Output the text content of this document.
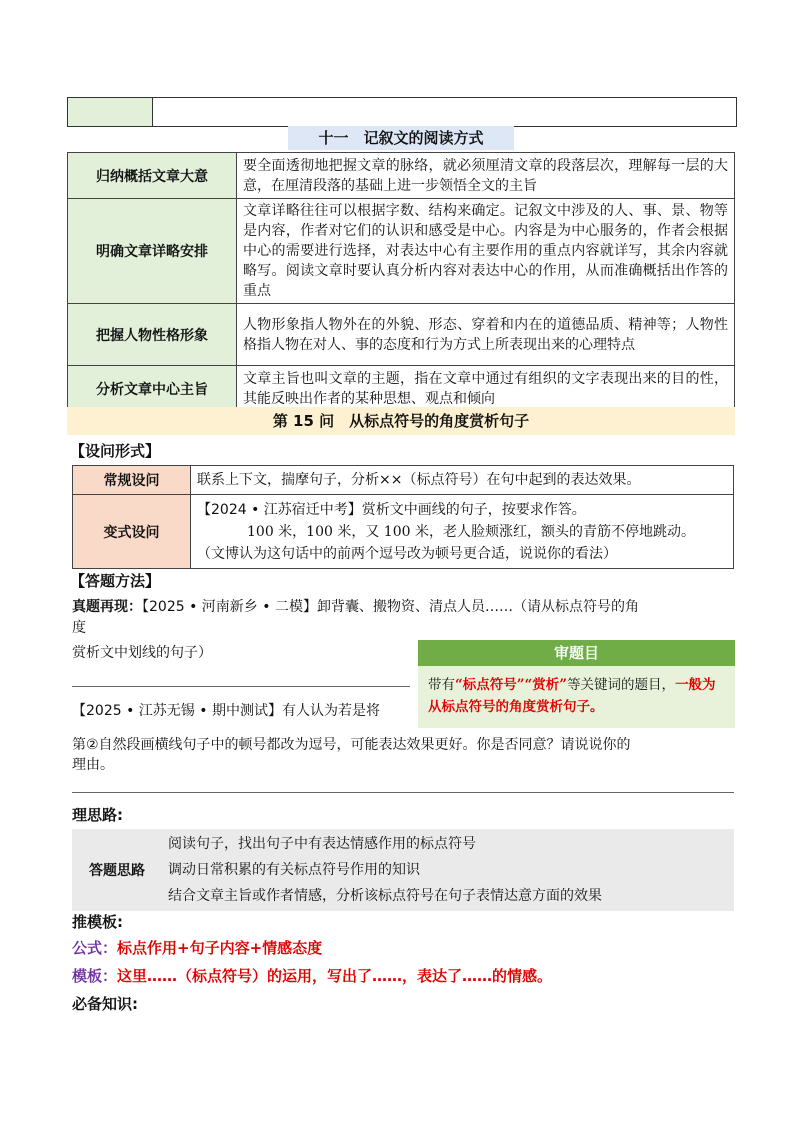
十一　记叙文的阅读方式
归纳概括文章大意	要全面透彻地把握文章的脉络，就必须厘清文章的段落层次，理解每一层的大意，在厘清段落的基础上进一步领悟全文的主旨
明确文章详略安排	文章详略往往可以根据字数、结构来确定。记叙文中涉及的人、事、景、物等是内容，作者对它们的认识和感受是中心。内容是为中心服务的，作者会根据中心的需要进行选择，对表达中心有主要作用的重点内容就详写，其余内容就略写。阅读文章时要认真分析内容对表达中心的作用，从而准确概括出作答的重点
把握人物性格形象	人物形象指人物外在的外貌、形态、穿着和内在的道德品质、精神等；人物性格指人物在对人、事的态度和行为方式上所表现出来的心理特点
分析文章中心主旨	文章主旨也叫文章的主题，指在文章中通过有组织的文字表现出来的目的性，其能反映出作者的某种思想、观点和倾向
第 15 问　从标点符号的角度赏析句子
【设问形式】
常规设问	联系上下文，揣摩句子，分析××（标点符号）在句中起到的表达效果。
变式设问	【2024 • 江苏宿迁中考】赏析文中画线的句子，按要求作答。
100 米，100 米，又 100 米，老人脸颊涨红，额头的青筋不停地跳动。
（文博认为这句话中的前两个逗号改为顿号更合适，说说你的看法）
【答题方法】
真题再现：【2025 • 河南新乡 • 二模】卸背囊、搬物资、清点人员……（请从标点符号的角
度
赏析文中划线的句子）
【2025 • 江苏无锡 • 期中测试】有人认为若是将
第②自然段画横线句子中的顿号都改为逗号，可能表达效果更好。你是否同意？请说说你的
理由。
审题目
带有“标点符号”“赏析”等关键词的题目，一般为从标点符号的角度赏析句子。
理思路:
答题思路	
阅读句子，找出句子中有表达情感作用的标点符号
调动日常积累的有关标点符号作用的知识
结合文章主旨或作者情感，分析该标点符号在句子表情达意方面的效果
推模板:
公式：标点作用+句子内容+情感态度
模板：这里……（标点符号）的运用，写出了……，表达了……的情感。
必备知识:
